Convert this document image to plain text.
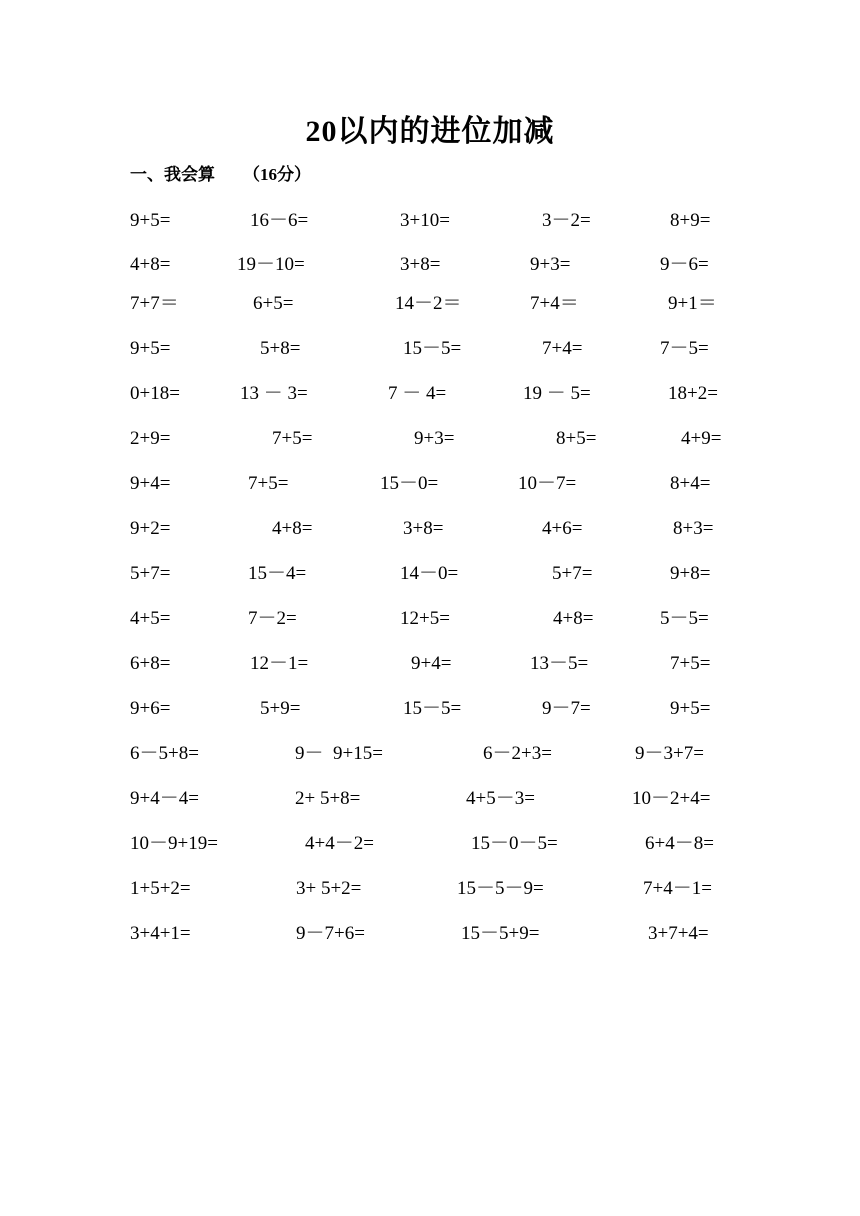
20以内的进位加减
一、我会算 （16分）
9+5=	16－6=	3+10=	3－2=	8+9=
4+8=	19－10=	3+8=	9+3=	9－6=
7+7＝	6+5=	14－2＝	7+4＝	9+1＝
9+5=	5+8=	15－5=	7+4=	7－5=
0+18=	13 － 3=	7 － 4=	19 － 5=	18+2=
2+9=	7+5=	9+3=	8+5=	4+9=
9+4=	7+5=	15－0=	10－7=	8+4=
9+2=	4+8=	3+8=	4+6=	8+3=
5+7=	15－4=	14－0=	5+7=	9+8=
4+5=	7－2=	12+5=	4+8=	5－5=
6+8=	12－1=	9+4=	13－5=	7+5=
9+6=	5+9=	15－5=	9－7=	9+5=
6－5+8=	9－  9+15=	6－2+3=	9－3+7=
9+4－4=	2+ 5+8=	4+5－3=	10－2+4=
10－9+19=	4+4－2=	15－0－5=	6+4－8=
1+5+2=	3+ 5+2=	15－5－9=	7+4－1=
3+4+1=	9－7+6=	15－5+9=	3+7+4=
